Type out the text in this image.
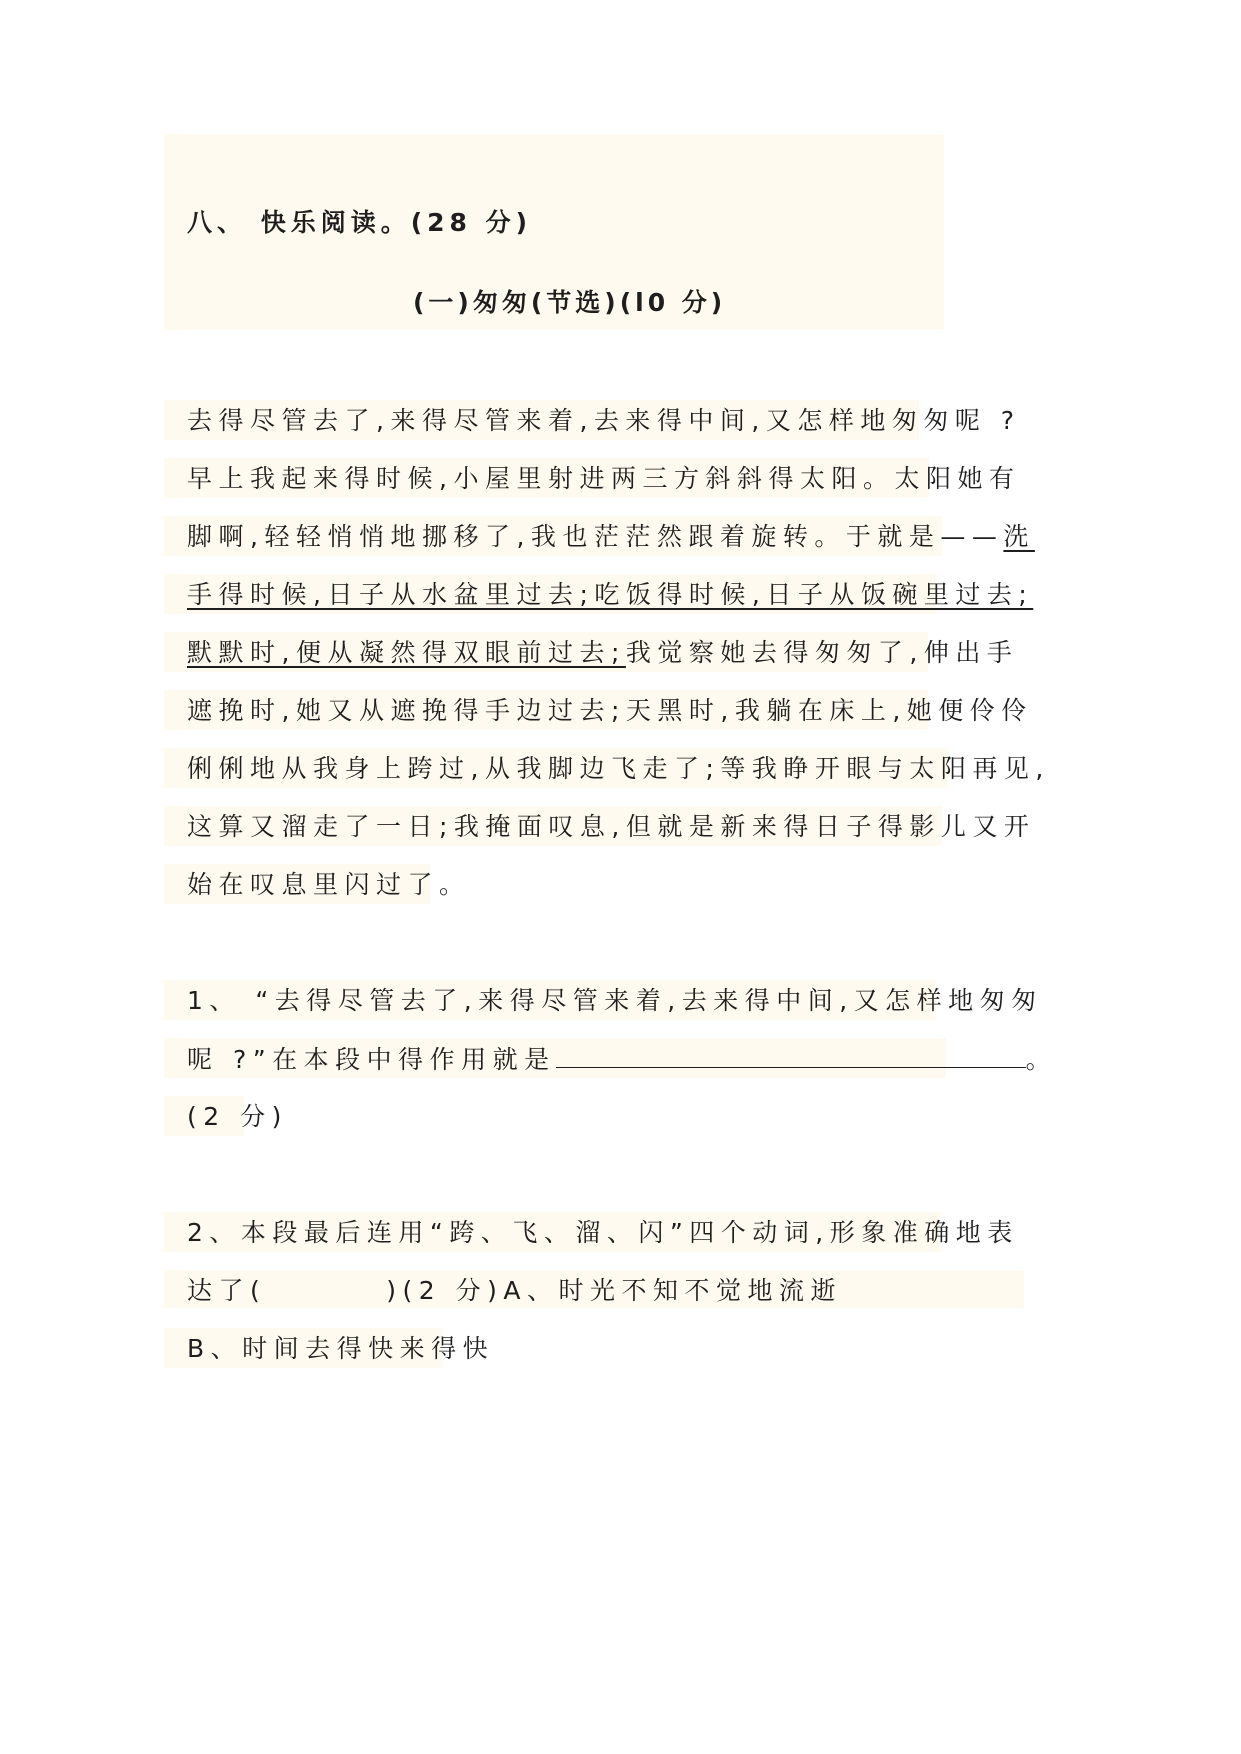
八、 快乐阅读。(28 分)
(一)匆匆(节选)(l0 分)
去得尽管去了,来得尽管来着,去来得中间,又怎样地匆匆呢 ?
早上我起来得时候,小屋里射进两三方斜斜得太阳。太阳她有
脚啊,轻轻悄悄地挪移了,我也茫茫然跟着旋转。于就是——洗
手得时候,日子从水盆里过去;吃饭得时候,日子从饭碗里过去;
默默时,便从凝然得双眼前过去;我觉察她去得匆匆了,伸出手
遮挽时,她又从遮挽得手边过去;天黑时,我躺在床上,她便伶伶
俐俐地从我身上跨过,从我脚边飞走了;等我睁开眼与太阳再见,
这算又溜走了一日;我掩面叹息,但就是新来得日子得影儿又开
始在叹息里闪过了。
1、 “去得尽管去了,来得尽管来着,去来得中间,又怎样地匆匆
呢 ?”在本段中得作用就是	。
(2 分)
2、本段最后连用“跨、飞、溜、闪”四个动词,形象准确地表
达了(	)(2 分)A、时光不知不觉地流逝
B、时间去得快来得快
